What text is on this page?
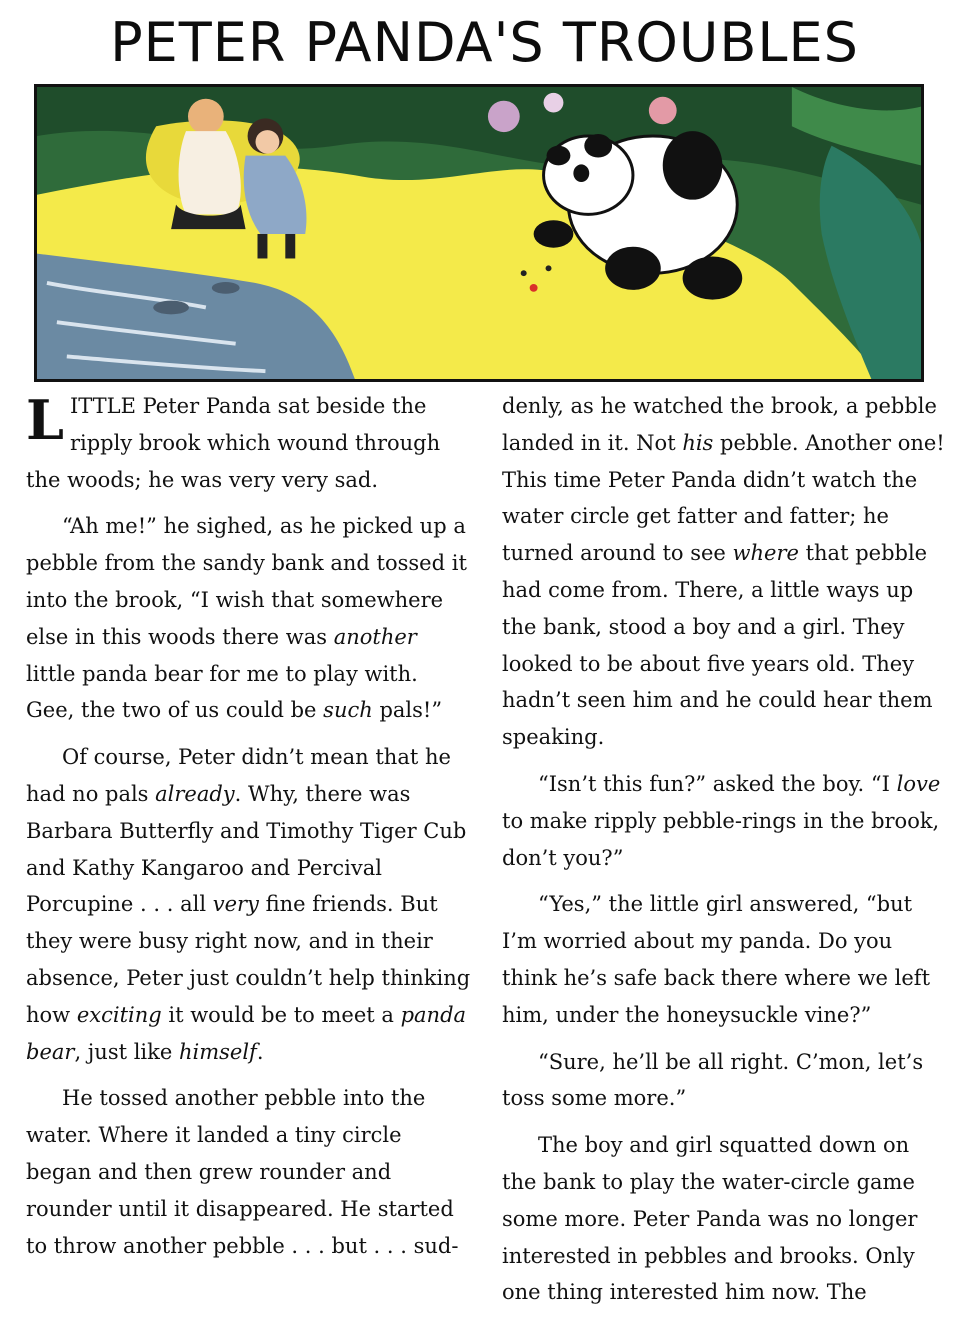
PETER PANDA'S TROUBLES

LITTLE Peter Panda sat beside the ripply brook which wound through the woods; he was very very sad.

“Ah me!” he sighed, as he picked up a pebble from the sandy bank and tossed it into the brook, “I wish that somewhere else in this woods there was another little panda bear for me to play with. Gee, the two of us could be such pals!”

Of course, Peter didn’t mean that he had no pals already. Why, there was Barbara Butterfly and Timothy Tiger Cub and Kathy Kangaroo and Percival Porcupine . . . all very fine friends. But they were busy right now, and in their absence, Peter just couldn’t help thinking how exciting it would be to meet a panda bear, just like himself.

He tossed another pebble into the water. Where it landed a tiny circle began and then grew rounder and rounder until it disappeared. He started to throw another pebble . . . but . . . sud-

denly, as he watched the brook, a pebble landed in it. Not his pebble. Another one! This time Peter Panda didn’t watch the water circle get fatter and fatter; he turned around to see where that pebble had come from. There, a little ways up the bank, stood a boy and a girl. They looked to be about five years old. They hadn’t seen him and he could hear them speaking.

“Isn’t this fun?” asked the boy. “I love to make ripply pebble-rings in the brook, don’t you?”

“Yes,” the little girl answered, “but I’m worried about my panda. Do you think he’s safe back there where we left him, under the honeysuckle vine?”

“Sure, he’ll be all right. C’mon, let’s toss some more.”

The boy and girl squatted down on the bank to play the water-circle game some more. Peter Panda was no longer interested in pebbles and brooks. Only one thing interested him now. The
